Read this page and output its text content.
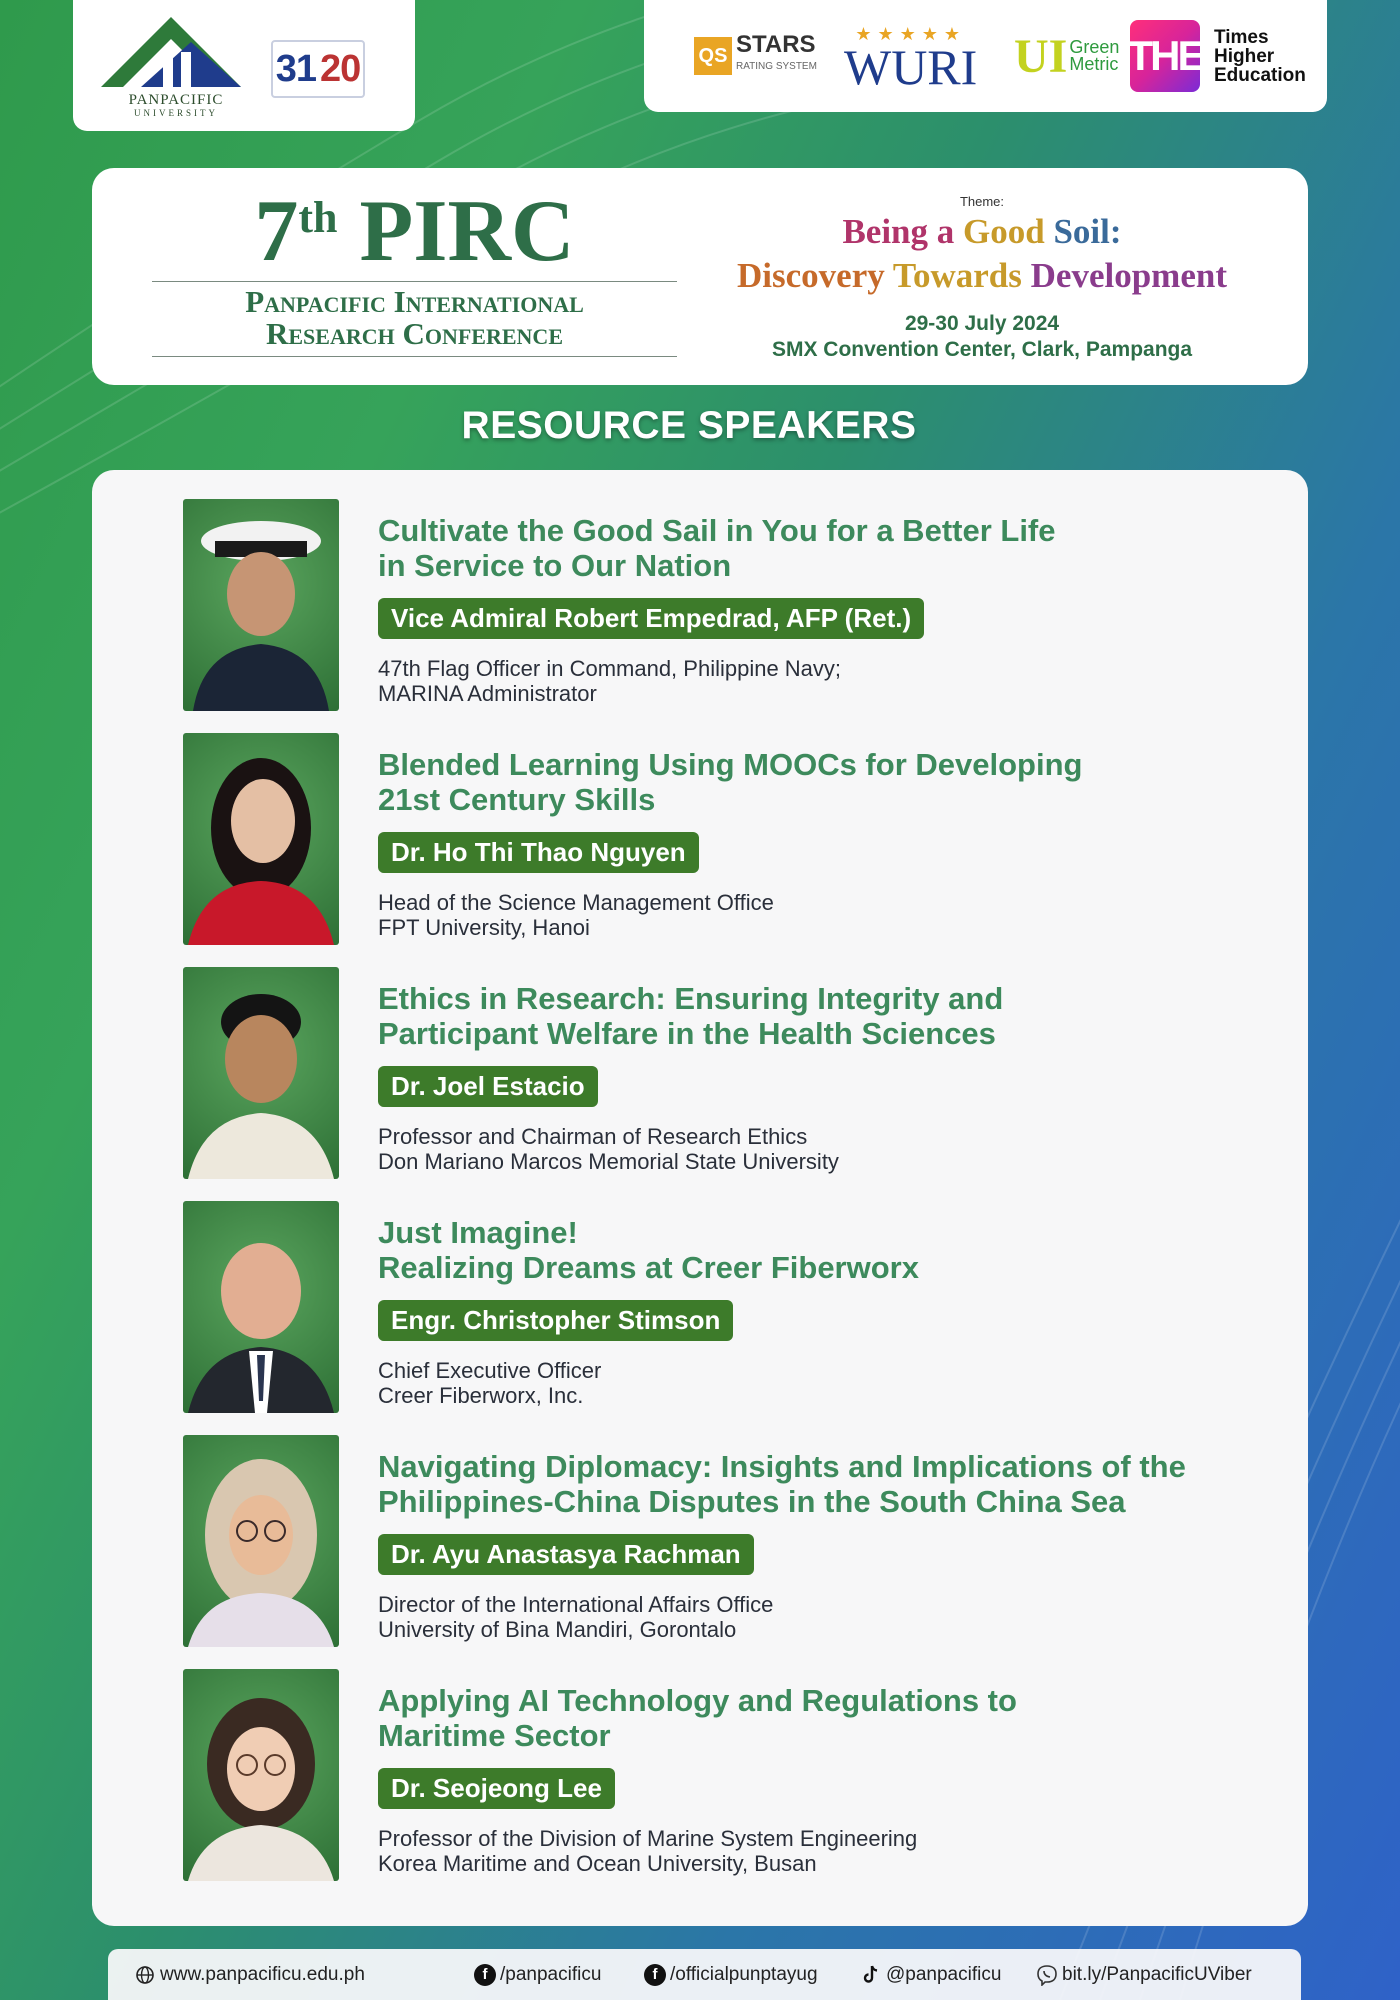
PANPACIFIC
UNIVERSITY
31 20	QS STARS
RATING SYSTEM
★★★★★
WURI UI Green
Metric THE Times
Higher
Education
7th PIRC
Panpacific International
Research Conference
Theme:
Being a Good Soil:
Discovery Towards Development
29-30 July 2024
SMX Convention Center, Clark, Pampanga
RESOURCE SPEAKERS
Cultivate the Good Sail in You for a Better Life
in Service to Our Nation
Vice Admiral Robert Empedrad, AFP (Ret.)
47th Flag Officer in Command, Philippine Navy;
MARINA Administrator
Blended Learning Using MOOCs for Developing
21st Century Skills
Dr. Ho Thi Thao Nguyen
Head of the Science Management Office
FPT University, Hanoi
Ethics in Research: Ensuring Integrity and
Participant Welfare in the Health Sciences
Dr. Joel Estacio
Professor and Chairman of Research Ethics
Don Mariano Marcos Memorial State University
Just Imagine!
Realizing Dreams at Creer Fiberworx
Engr. Christopher Stimson
Chief Executive Officer
Creer Fiberworx, Inc.
Navigating Diplomacy: Insights and Implications of the
Philippines-China Disputes in the South China Sea
Dr. Ayu Anastasya Rachman
Director of the International Affairs Office
University of Bina Mandiri, Gorontalo
Applying AI Technology and Regulations to
Maritime Sector
Dr. Seojeong Lee
Professor of the Division of Marine System Engineering
Korea Maritime and Ocean University, Busan
www.panpacificu.edu.ph	f /panpacificu	f /officialpunptayug	@panpacificu	bit.ly/PanpacificUViber
